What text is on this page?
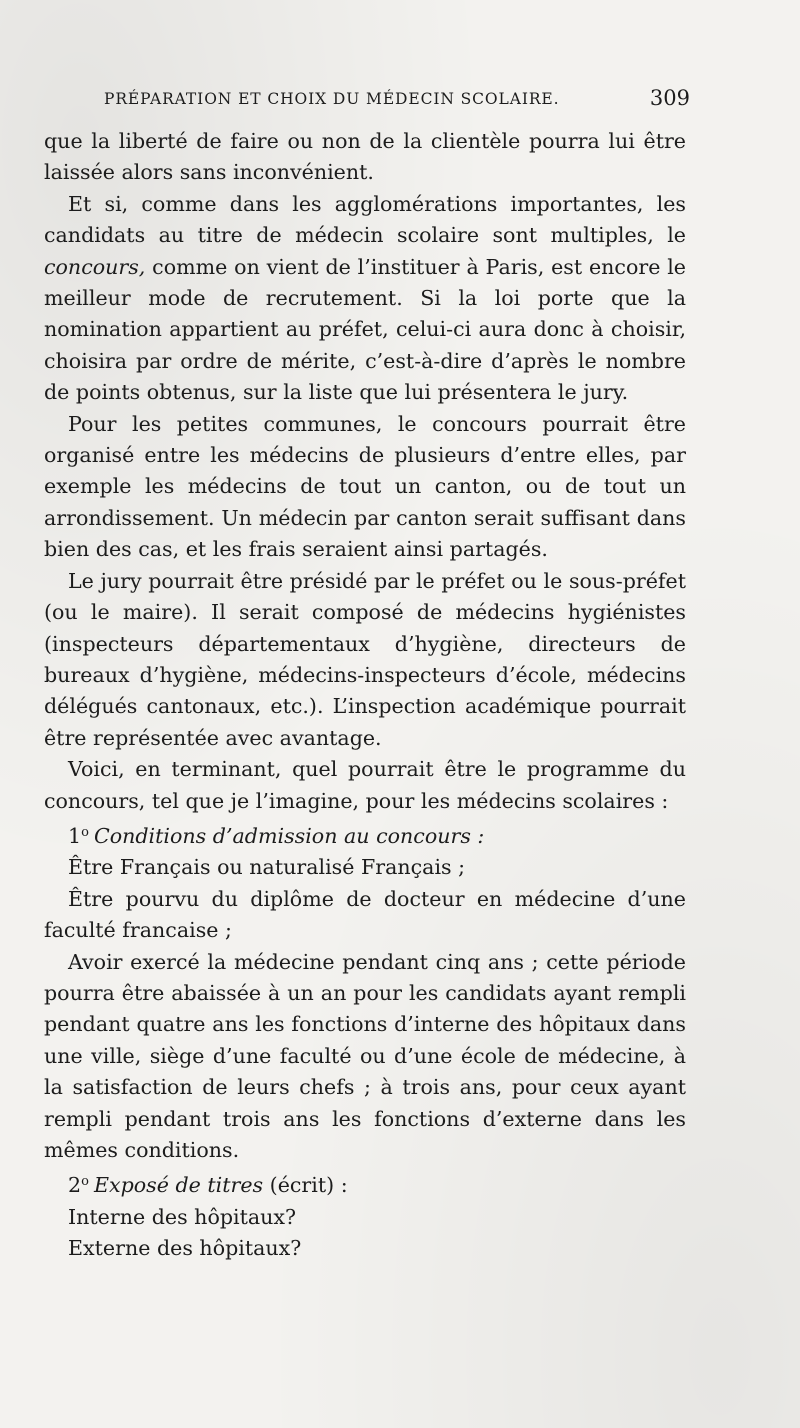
PRÉPARATION ET CHOIX DU MÉDECIN SCOLAIRE.	309

que la liberté de faire ou non de la clientèle pourra lui être laissée alors sans inconvénient.

Et si, comme dans les agglomérations importantes, les candidats au titre de médecin scolaire sont multiples, le concours, comme on vient de l’instituer à Paris, est encore le meilleur mode de recrutement. Si la loi porte que la nomination appartient au préfet, celui-ci aura donc à choisir, choisira par ordre de mérite, c’est-à-dire d’après le nombre de points obtenus, sur la liste que lui présentera le jury.

Pour les petites communes, le concours pourrait être organisé entre les médecins de plusieurs d’entre elles, par exemple les médecins de tout un canton, ou de tout un arrondissement. Un médecin par canton serait suffisant dans bien des cas, et les frais seraient ainsi partagés.

Le jury pourrait être présidé par le préfet ou le sous-préfet (ou le maire). Il serait composé de médecins hygiénistes (inspecteurs départementaux d’hygiène, directeurs de bureaux d’hygiène, médecins-inspecteurs d’école, médecins délégués cantonaux, etc.). L’inspection académique pourrait être représentée avec avantage.

Voici, en terminant, quel pourrait être le programme du concours, tel que je l’imagine, pour les médecins scolaires :

1$^o$ Conditions d’admission au concours :

Être Français ou naturalisé Français ;

Être pourvu du diplôme de docteur en médecine d’une faculté francaise ;

Avoir exercé la médecine pendant cinq ans ; cette période pourra être abaissée à un an pour les candidats ayant rempli pendant quatre ans les fonctions d’interne des hôpitaux dans une ville, siège d’une faculté ou d’une école de médecine, à la satisfaction de leurs chefs ; à trois ans, pour ceux ayant rempli pendant trois ans les fonctions d’externe dans les mêmes conditions.

2$^o$ Exposé de titres (écrit) :

Interne des hôpitaux?

Externe des hôpitaux?
